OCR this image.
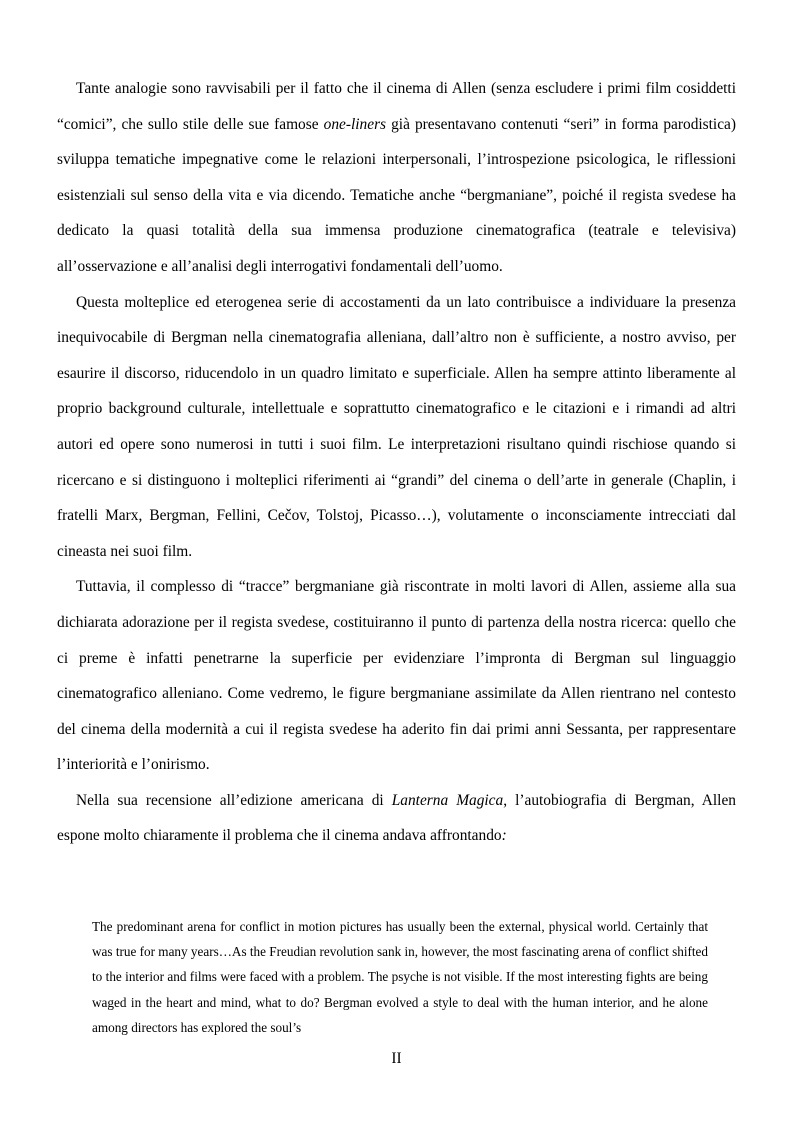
Tante analogie sono ravvisabili per il fatto che il cinema di Allen (senza escludere i primi film cosiddetti “comici”, che sullo stile delle sue famose one-liners già presentavano contenuti “seri” in forma parodistica) sviluppa tematiche impegnative come le relazioni interpersonali, l’introspezione psicologica, le riflessioni esistenziali sul senso della vita e via dicendo. Tematiche anche “bergmaniane”, poiché il regista svedese ha dedicato la quasi totalità della sua immensa produzione cinematografica (teatrale e televisiva) all’osservazione e all’analisi degli interrogativi fondamentali dell’uomo.

Questa molteplice ed eterogenea serie di accostamenti da un lato contribuisce a individuare la presenza inequivocabile di Bergman nella cinematografia alleniana, dall’altro non è sufficiente, a nostro avviso, per esaurire il discorso, riducendolo in un quadro limitato e superficiale. Allen ha sempre attinto liberamente al proprio background culturale, intellettuale e soprattutto cinematografico e le citazioni e i rimandi ad altri autori ed opere sono numerosi in tutti i suoi film. Le interpretazioni risultano quindi rischiose quando si ricercano e si distinguono i molteplici riferimenti ai “grandi” del cinema o dell’arte in generale (Chaplin, i fratelli Marx, Bergman, Fellini, Cečov, Tolstoj, Picasso…), volutamente o inconsciamente intrecciati dal cineasta nei suoi film.

Tuttavia, il complesso di “tracce” bergmaniane già riscontrate in molti lavori di Allen, assieme alla sua dichiarata adorazione per il regista svedese, costituiranno il punto di partenza della nostra ricerca: quello che ci preme è infatti penetrarne la superficie per evidenziare l’impronta di Bergman sul linguaggio cinematografico alleniano. Come vedremo, le figure bergmaniane assimilate da Allen rientrano nel contesto del cinema della modernità a cui il regista svedese ha aderito fin dai primi anni Sessanta, per rappresentare l’interiorità e l’onirismo.

Nella sua recensione all’edizione americana di Lanterna Magica, l’autobiografia di Bergman, Allen espone molto chiaramente il problema che il cinema andava affrontando:

The predominant arena for conflict in motion pictures has usually been the external, physical world. Certainly that was true for many years…As the Freudian revolution sank in, however, the most fascinating arena of conflict shifted to the interior and films were faced with a problem. The psyche is not visible. If the most interesting fights are being waged in the heart and mind, what to do? Bergman evolved a style to deal with the human interior, and he alone among directors has explored the soul’s

II
